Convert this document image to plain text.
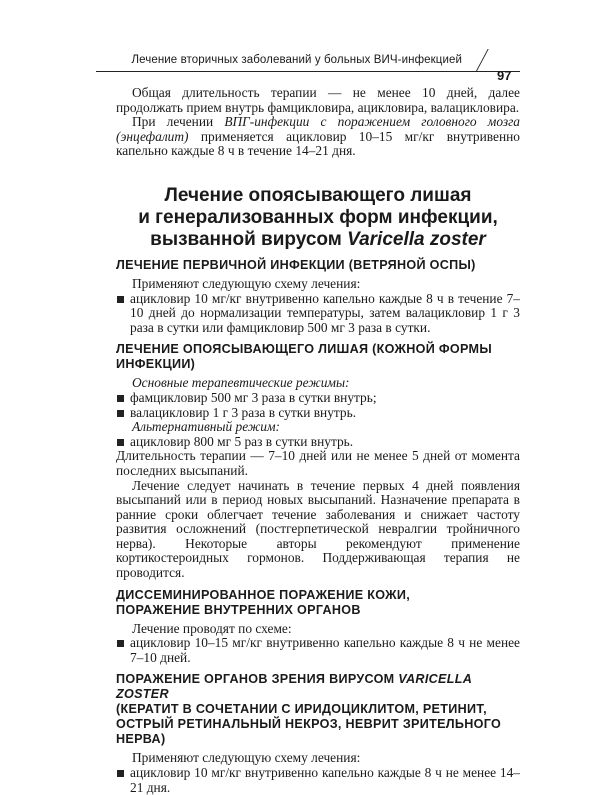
Лечение вторичных заболеваний у больных ВИЧ-инфекцией
97

Общая длительность терапии — не менее 10 дней, далее продолжать прием внутрь фамцикловира, ацикловира, валацикловира.

При лечении ВПГ-инфекции с поражением головного мозга (энцефалит) применяется ацикловир 10–15 мг/кг внутривенно капельно каждые 8 ч в течение 14–21 дня.

Лечение опоясывающего лишая
и генерализованных форм инфекции,
вызванной вирусом Varicella zoster
ЛЕЧЕНИЕ ПЕРВИЧНОЙ ИНФЕКЦИИ (ВЕТРЯНОЙ ОСПЫ)

Применяют следующую схему лечения:

ацикловир 10 мг/кг внутривенно капельно каждые 8 ч в течение 7–10 дней до нормализации температуры, затем валацикловир 1 г 3 раза в сутки или фамцикловир 500 мг 3 раза в сутки.

ЛЕЧЕНИЕ ОПОЯСЫВАЮЩЕГО ЛИШАЯ (КОЖНОЙ ФОРМЫ ИНФЕКЦИИ)

Основные терапевтические режимы:

фамцикловир 500 мг 3 раза в сутки внутрь;

валацикловир 1 г 3 раза в сутки внутрь.

Альтернативный режим:

ацикловир 800 мг 5 раз в сутки внутрь.

Длительность терапии — 7–10 дней или не менее 5 дней от момента последних высыпаний.

Лечение следует начинать в течение первых 4 дней появления высыпаний или в период новых высыпаний. Назначение препарата в ранние сроки облегчает течение заболевания и снижает частоту развития осложнений (постгерпетической невралгии тройничного нерва). Некоторые авторы рекомендуют применение кортикостероидных гормонов. Поддерживающая терапия не проводится.

ДИССЕМИНИРОВАННОЕ ПОРАЖЕНИЕ КОЖИ,
ПОРАЖЕНИЕ ВНУТРЕННИХ ОРГАНОВ

Лечение проводят по схеме:

ацикловир 10–15 мг/кг внутривенно капельно каждые 8 ч не менее 7–10 дней.

ПОРАЖЕНИЕ ОРГАНОВ ЗРЕНИЯ ВИРУСОМ VARICELLA ZOSTER
(КЕРАТИТ В СОЧЕТАНИИ С ИРИДОЦИКЛИТОМ, РЕТИНИТ,
ОСТРЫЙ РЕТИНАЛЬНЫЙ НЕКРОЗ, НЕВРИТ ЗРИТЕЛЬНОГО НЕРВА)

Применяют следующую схему лечения:

ацикловир 10 мг/кг внутривенно капельно каждые 8 ч не менее 14– 21 дня.
